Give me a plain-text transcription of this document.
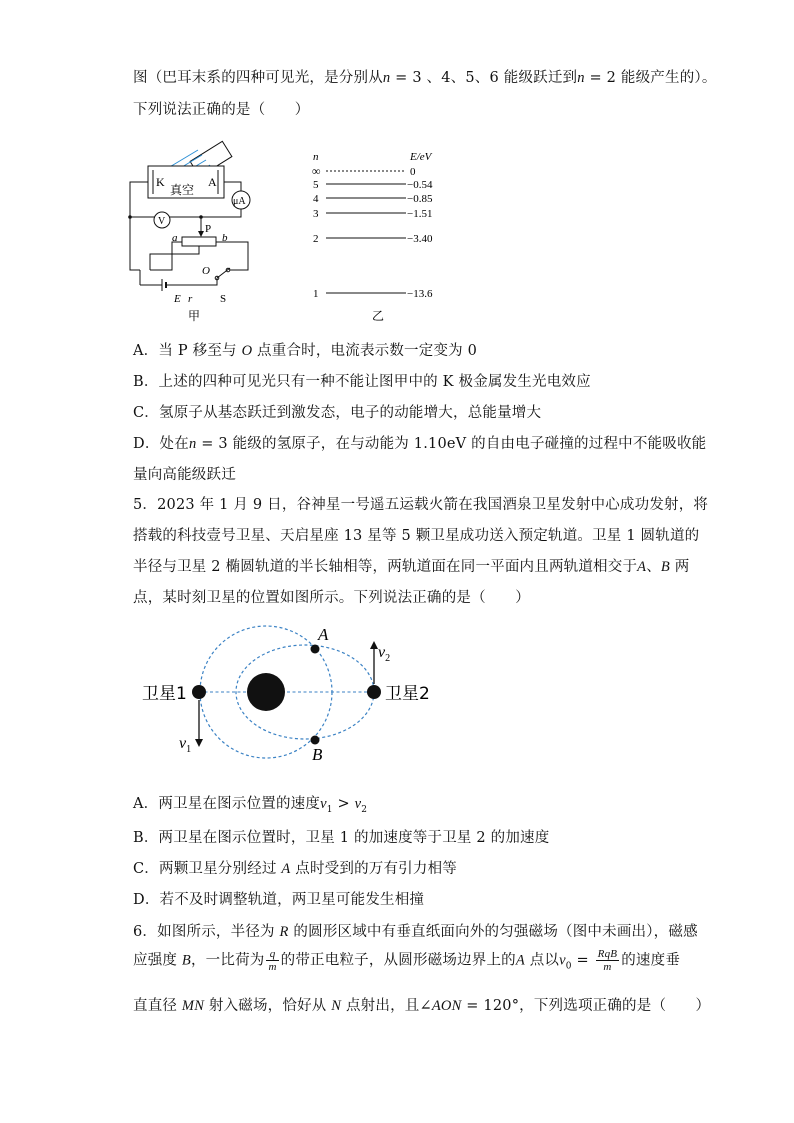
图（巴耳末系的四种可见光，是分别从n = 3 、4、5、6 能级跃迁到n = 2 能级产生的）。
下列说法正确的是（　　）
K	A
真空
μA
V
P
a	b
O
E r	S
甲
n	E/eV
∞	0
5	−0.54
4	−0.85
3	−1.51
2	−3.40
1	−13.6
乙
A．当 P 移至与 O 点重合时，电流表示数一定变为 0
B．上述的四种可见光只有一种不能让图甲中的 K 极金属发生光电效应
C．氢原子从基态跃迁到激发态，电子的动能增大，总能量增大
D．处在n = 3 能级的氢原子，在与动能为 1.10eV 的自由电子碰撞的过程中不能吸收能
量向高能级跃迁
5．2023 年 1 月 9 日，谷神星一号遥五运载火箭在我国酒泉卫星发射中心成功发射，将
搭载的科技壹号卫星、天启星座 13 星等 5 颗卫星成功送入预定轨道。卫星 1 圆轨道的
半径与卫星 2 椭圆轨道的半长轴相等，两轨道面在同一平面内且两轨道相交于A、B 两
点，某时刻卫星的位置如图所示。下列说法正确的是（　　）
A
B
卫星1	卫星2
$v_1$
$v_2$
A．两卫星在图示位置的速度$v_1 > v_2$
B．两卫星在图示位置时，卫星 1 的加速度等于卫星 2 的加速度
C．两颗卫星分别经过 A 点时受到的万有引力相等
D．若不及时调整轨道，两卫星可能发生相撞
6．如图所示，半径为 R 的圆形区域中有垂直纸面向外的匀强磁场（图中未画出），磁感
应强度 B，一比荷为 $\frac{q}{m}$ 的带正电粒子，从圆形磁场边界上的A 点以$v_0 = \frac{\text{RqB}}{m}$ 的速度垂
直直径 MN 射入磁场，恰好从 N 点射出，且∠AON = 120°，下列选项正确的是（　　）
